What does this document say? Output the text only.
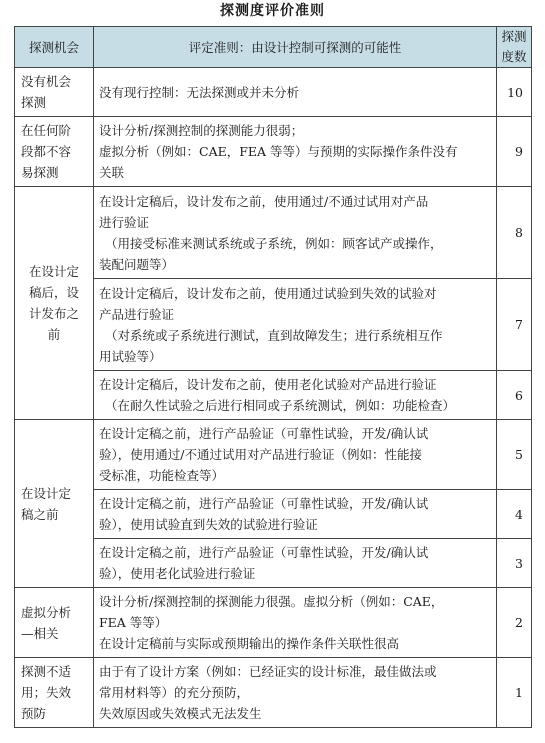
探测度评价准则
探测机会	评定准则：由设计控制可探测的可能性	探测
度数

没有机会
探测	没有现行控制：无法探测或并未分析	10

在任何阶
段都不容
易探测	设计分析/探测控制的探测能力很弱；
虚拟分析（例如：CAE，FEA 等等）与预期的实际操作条件没有
关联	9

在设计定
稿后，设
计发布之
前	在设计定稿后，设计发布之前，使用通过/不通过试用对产品
进行验证
（用接受标准来测试系统或子系统，例如：顾客试产或操作，
装配问题等）	8

	在设计定稿后，设计发布之前，使用通过试验到失效的试验对
产品进行验证
（对系统或子系统进行测试，直到故障发生；进行系统相互作
用试验等）	7

	在设计定稿后，设计发布之前，使用老化试验对产品进行验证
（在耐久性试验之后进行相同或子系统测试，例如：功能检查）	6

在设计定
稿之前	在设计定稿之前，进行产品验证（可靠性试验，开发/确认试
验），使用通过/不通过试用对产品进行验证（例如：性能接
受标准，功能检查等）	5

	在设计定稿之前，进行产品验证（可靠性试验，开发/确认试
验），使用试验直到失效的试验进行验证	4

	在设计定稿之前，进行产品验证（可靠性试验，开发/确认试
验），使用老化试验进行验证	3

虚拟分析
—相关	设计分析/探测控制的探测能力很强。虚拟分析（例如：CAE，
FEA 等等）
在设计定稿前与实际或预期输出的操作条件关联性很高	2

探测不适
用；失效
预防	由于有了设计方案（例如：已经证实的设计标准，最佳做法或
常用材料等）的充分预防，
失效原因或失效模式无法发生	1
